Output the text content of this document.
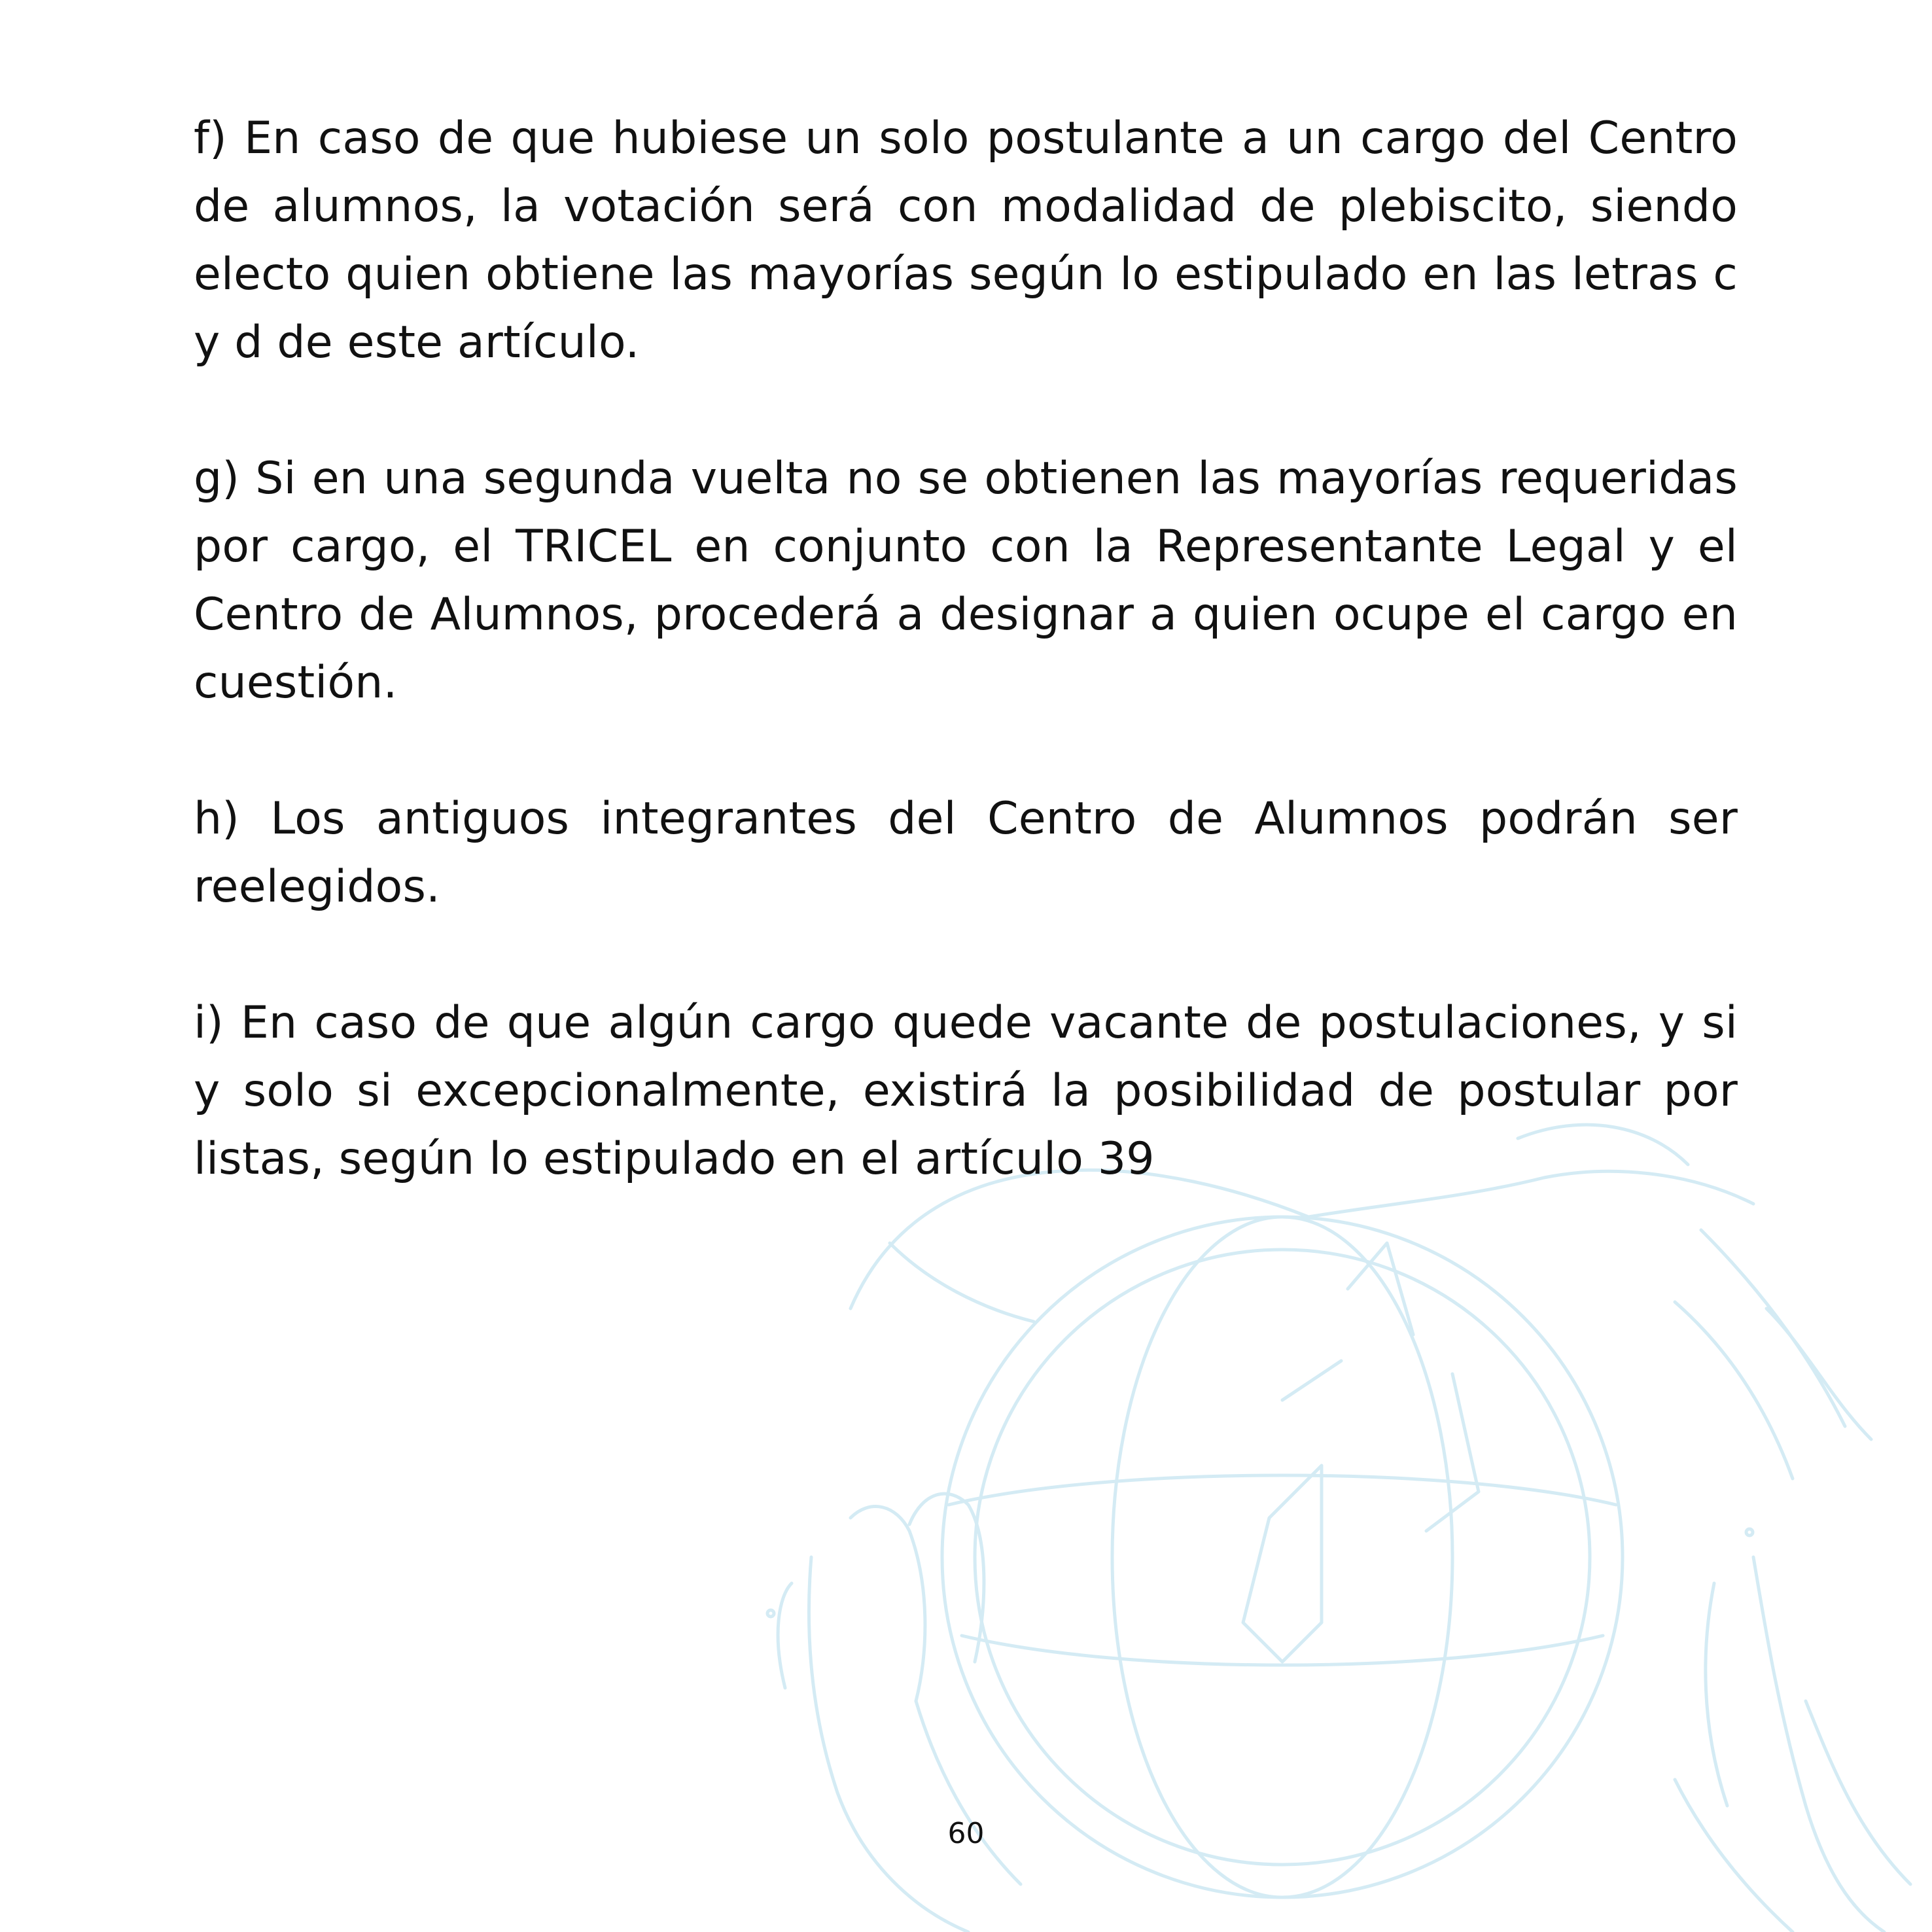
f) En caso de que hubiese un solo postulante a un cargo del Centro de alumnos, la votación será con modalidad de plebiscito, siendo electo quien obtiene las mayorías según lo estipulado en las letras c y d de este artículo.

g) Si en una segunda vuelta no se obtienen las mayorías requeridas por cargo, el TRICEL en conjunto con la Representante Legal y el Centro de Alumnos, procederá a designar a quien ocupe el cargo en cuestión.

h) Los antiguos integrantes del Centro de Alumnos podrán ser reelegidos.

i) En caso de que algún cargo quede vacante de postulaciones, y si y solo si excepcionalmente, existirá la posibilidad de postular por listas, según lo estipulado en el artículo 39

60
